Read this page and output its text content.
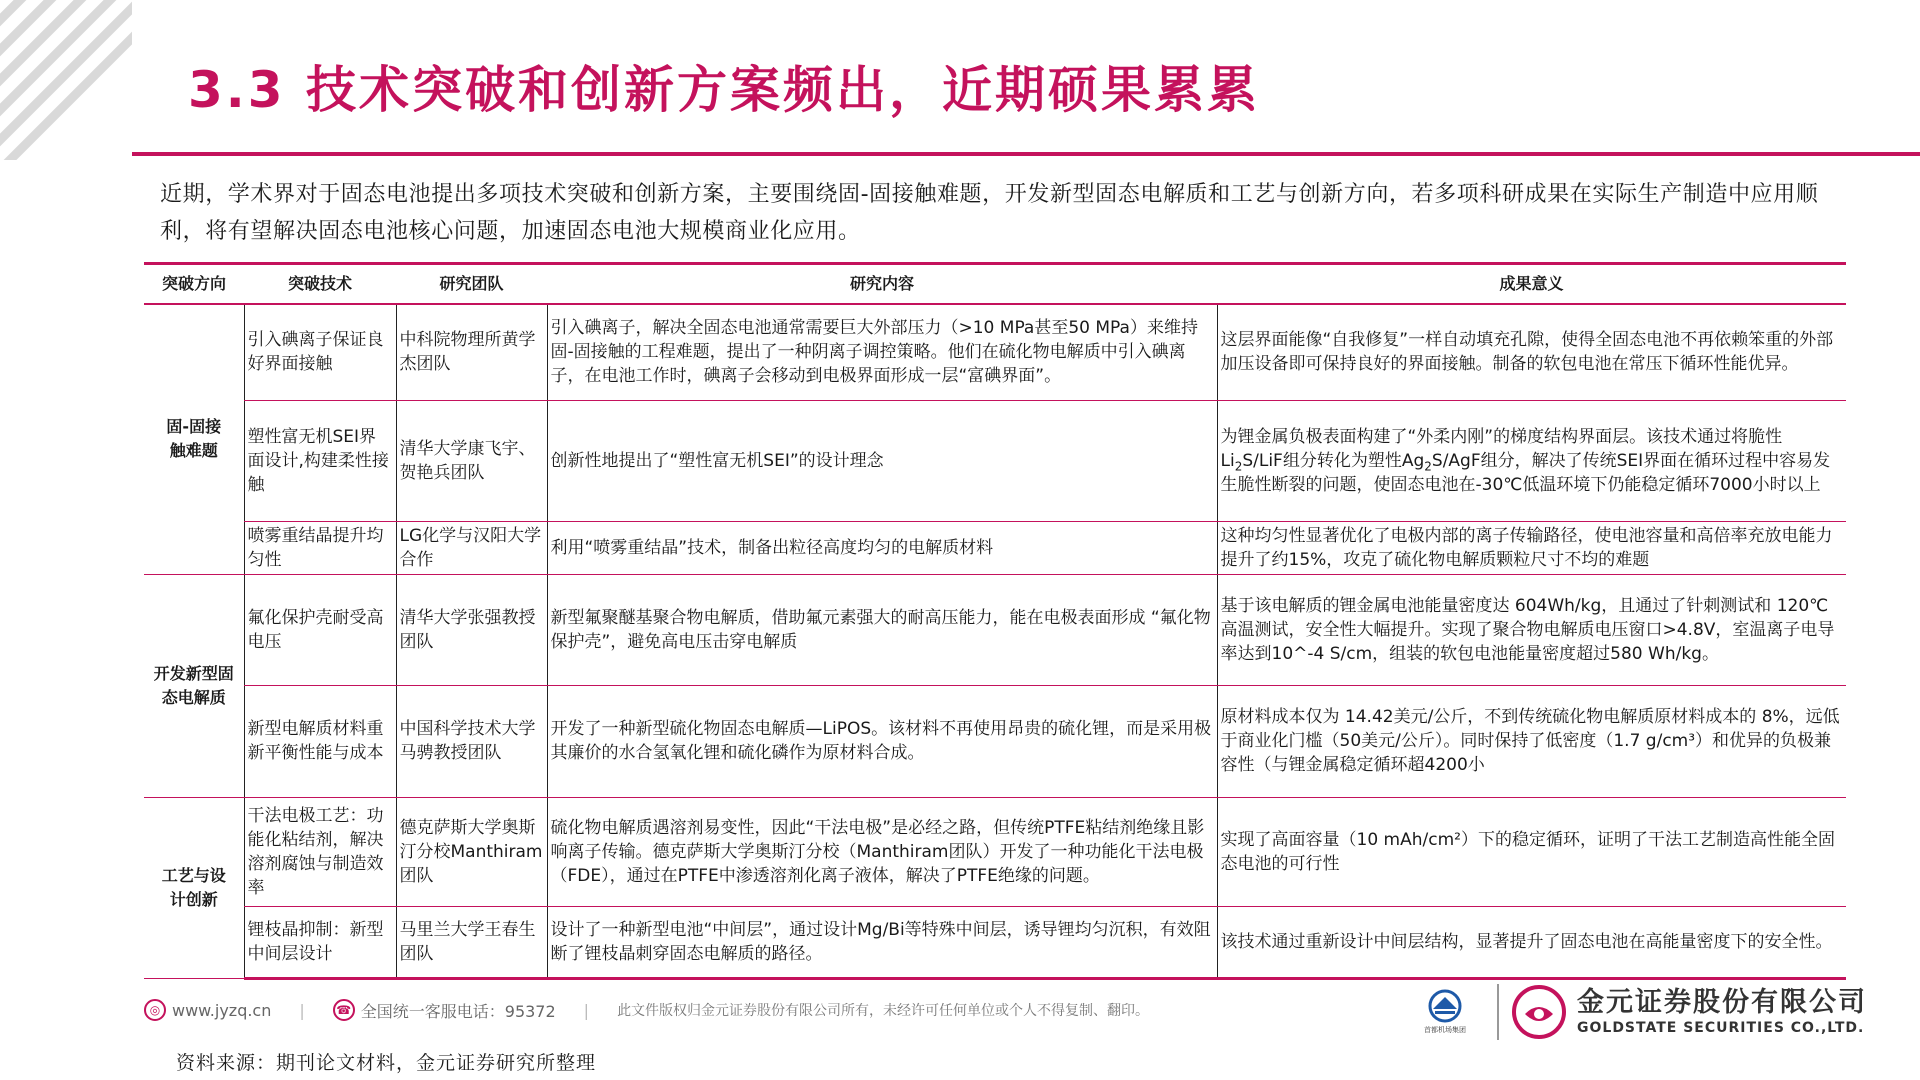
3.3 技术突破和创新方案频出，近期硕果累累

近期，学术界对于固态电池提出多项技术突破和创新方案，主要围绕固-固接触难题，开发新型固态电解质和工艺与创新方向，若多项科研成果在实际生产制造中应用顺利，将有望解决固态电池核心问题，加速固态电池大规模商业化应用。

突破方向	突破技术	研究团队	研究内容	成果意义
固-固接触难题	引入碘离子保证良好界面接触	中科院物理所黄学杰团队	引入碘离子，解决全固态电池通常需要巨大外部压力（>10 MPa甚至50 MPa）来维持固-固接触的工程难题，提出了一种阴离子调控策略。他们在硫化物电解质中引入碘离子，在电池工作时，碘离子会移动到电极界面形成一层“富碘界面”。	这层界面能像“自我修复”一样自动填充孔隙，使得全固态电池不再依赖笨重的外部加压设备即可保持良好的界面接触。制备的软包电池在常压下循环性能优异。
	塑性富无机SEI界面设计,构建柔性接触	清华大学康飞宇、贺艳兵团队	创新性地提出了“塑性富无机SEI”的设计理念	为锂金属负极表面构建了“外柔内刚”的梯度结构界面层。该技术通过将脆性$Li_2S$/LiF组分转化为塑性$Ag_2S$/AgF组分，解决了传统SEI界面在循环过程中容易发生脆性断裂的问题，使固态电池在-30℃低温环境下仍能稳定循环7000小时以上
	喷雾重结晶提升均匀性	LG化学与汉阳大学合作	利用“喷雾重结晶”技术，制备出粒径高度均匀的电解质材料	这种均匀性显著优化了电极内部的离子传输路径，使电池容量和高倍率充放电能力提升了约15%，攻克了硫化物电解质颗粒尺寸不均的难题
开发新型固态电解质	氟化保护壳耐受高电压	清华大学张强教授团队	新型氟聚醚基聚合物电解质，借助氟元素强大的耐高压能力，能在电极表面形成 “氟化物保护壳”，避免高电压击穿电解质	基于该电解质的锂金属电池能量密度达 604Wh/kg，且通过了针刺测试和 120℃高温测试，安全性大幅提升。实现了聚合物电解质电压窗口>4.8V，室温离子电导率达到10^-4 S/cm，组装的软包电池能量密度超过580 Wh/kg。
	新型电解质材料重新平衡性能与成本	中国科学技术大学马骋教授团队	开发了一种新型硫化物固态电解质—LiPOS。该材料不再使用昂贵的硫化锂，而是采用极其廉价的水合氢氧化锂和硫化磷作为原材料合成。	原材料成本仅为 14.42美元/公斤，不到传统硫化物电解质原材料成本的 8%，远低于商业化门槛（50美元/公斤）。同时保持了低密度（1.7 g/cm³）和优异的负极兼容性（与锂金属稳定循环超4200小
工艺与设计创新	干法电极工艺：功能化粘结剂，解决溶剂腐蚀与制造效率	德克萨斯大学奥斯汀分校Manthiram团队	硫化物电解质遇溶剂易变性，因此“干法电极”是必经之路，但传统PTFE粘结剂绝缘且影响离子传输。德克萨斯大学奥斯汀分校（Manthiram团队）开发了一种功能化干法电极（FDE），通过在PTFE中渗透溶剂化离子液体，解决了PTFE绝缘的问题。	实现了高面容量（10 mAh/cm²）下的稳定循环，证明了干法工艺制造高性能全固态电池的可行性
	锂枝晶抑制：新型中间层设计	马里兰大学王春生团队	设计了一种新型电池“中间层”，通过设计Mg/Bi等特殊中间层，诱导锂均匀沉积，有效阻断了锂枝晶刺穿固态电解质的路径。	该技术通过重新设计中间层结构，显著提升了固态电池在高能量密度下的安全性。
◎ www.jyzq.cn |	☎ 全国统一客服电话：95372 | 此文件版权归金元证券股份有限公司所有，未经许可任何单位或个人不得复制、翻印。
首都机场集团
金元证券股份有限公司
GOLDSTATE SECURITIES CO.,LTD.

资料来源：期刊论文材料，金元证券研究所整理
